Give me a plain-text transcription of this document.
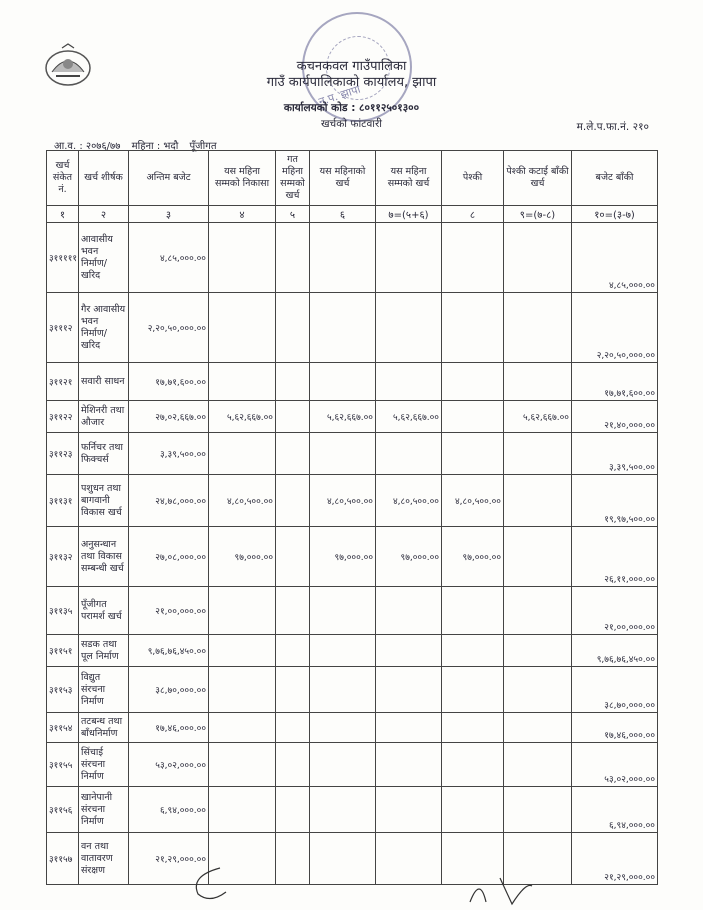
न.प. झापा
कचनकवल गाउँपालिका
गाउँ कार्यपालिकाको कार्यालय, झापा
कार्यालयको कोड : ८०११२५०१३००
खर्चको फांटवारी	म.ले.प.फा.नं. २१०
आ.व. : २०७६/७७ महिना : भदौ पूँजीगत
खर्च संकेत नं.	खर्च शीर्षक	अन्तिम बजेट	यस महिना सम्मको निकासा	गत महिना सम्मको खर्च	यस महिनाको खर्च	यस महिना सम्मको खर्च	पेश्की	पेश्की कटाई बाँकी खर्च	बजेट बाँकी
१	२	३	४	५	६	७=(५+६)	८	९=(७-८)	१०=(३-७)
३१११११	आवासीय भवन निर्माण/ खरिद	४,८५,०००.००							४,८५,०००.००
३१११२	गैर आवासीय भवन निर्माण/ खरिद	२,२०,५०,०००.००							२,२०,५०,०००.००
३११२१	सवारी साधन	१७,७१,६००.००							१७,७१,६००.००
३११२२	मेशिनरी तथा औजार	२७,०२,६६७.००	५,६२,६६७.००		५,६२,६६७.००	५,६२,६६७.००		५,६२,६६७.००	२१,४०,०००.००
३११२३	फर्निचर तथा फिक्चर्स	३,३९,५००.००							३,३९,५००.००
३११३१	पशुधन तथा बागवानी विकास खर्च	२४,७८,०००.००	४,८०,५००.००		४,८०,५००.००	४,८०,५००.००	४,८०,५००.००		१९,९७,५००.००
३११३२	अनुसन्धान तथा विकास सम्बन्धी खर्च	२७,०८,०००.००	९७,०००.००		९७,०००.००	९७,०००.००	९७,०००.००		२६,११,०००.००
३११३५	पूँजीगत परामर्श खर्च	२१,००,०००.००							२१,००,०००.००
३११५१	सडक तथा पूल निर्माण	९,७६,७६,४५०.००							९,७६,७६,४५०.००
३११५३	विद्युत संरचना निर्माण	३८,७०,०००.००							३८,७०,०००.००
३११५४	तटबन्ध तथा बाँधनिर्माण	१७,४६,०००.००							१७,४६,०००.००
३११५५	सिंचाई संरचना निर्माण	५३,०२,०००.००							५३,०२,०००.००
३११५६	खानेपानी संरचना निर्माण	६,९४,०००.००							६,९४,०००.००
३११५७	वन तथा वातावरण संरक्षण	२१,२९,०००.००							२१,२९,०००.००
